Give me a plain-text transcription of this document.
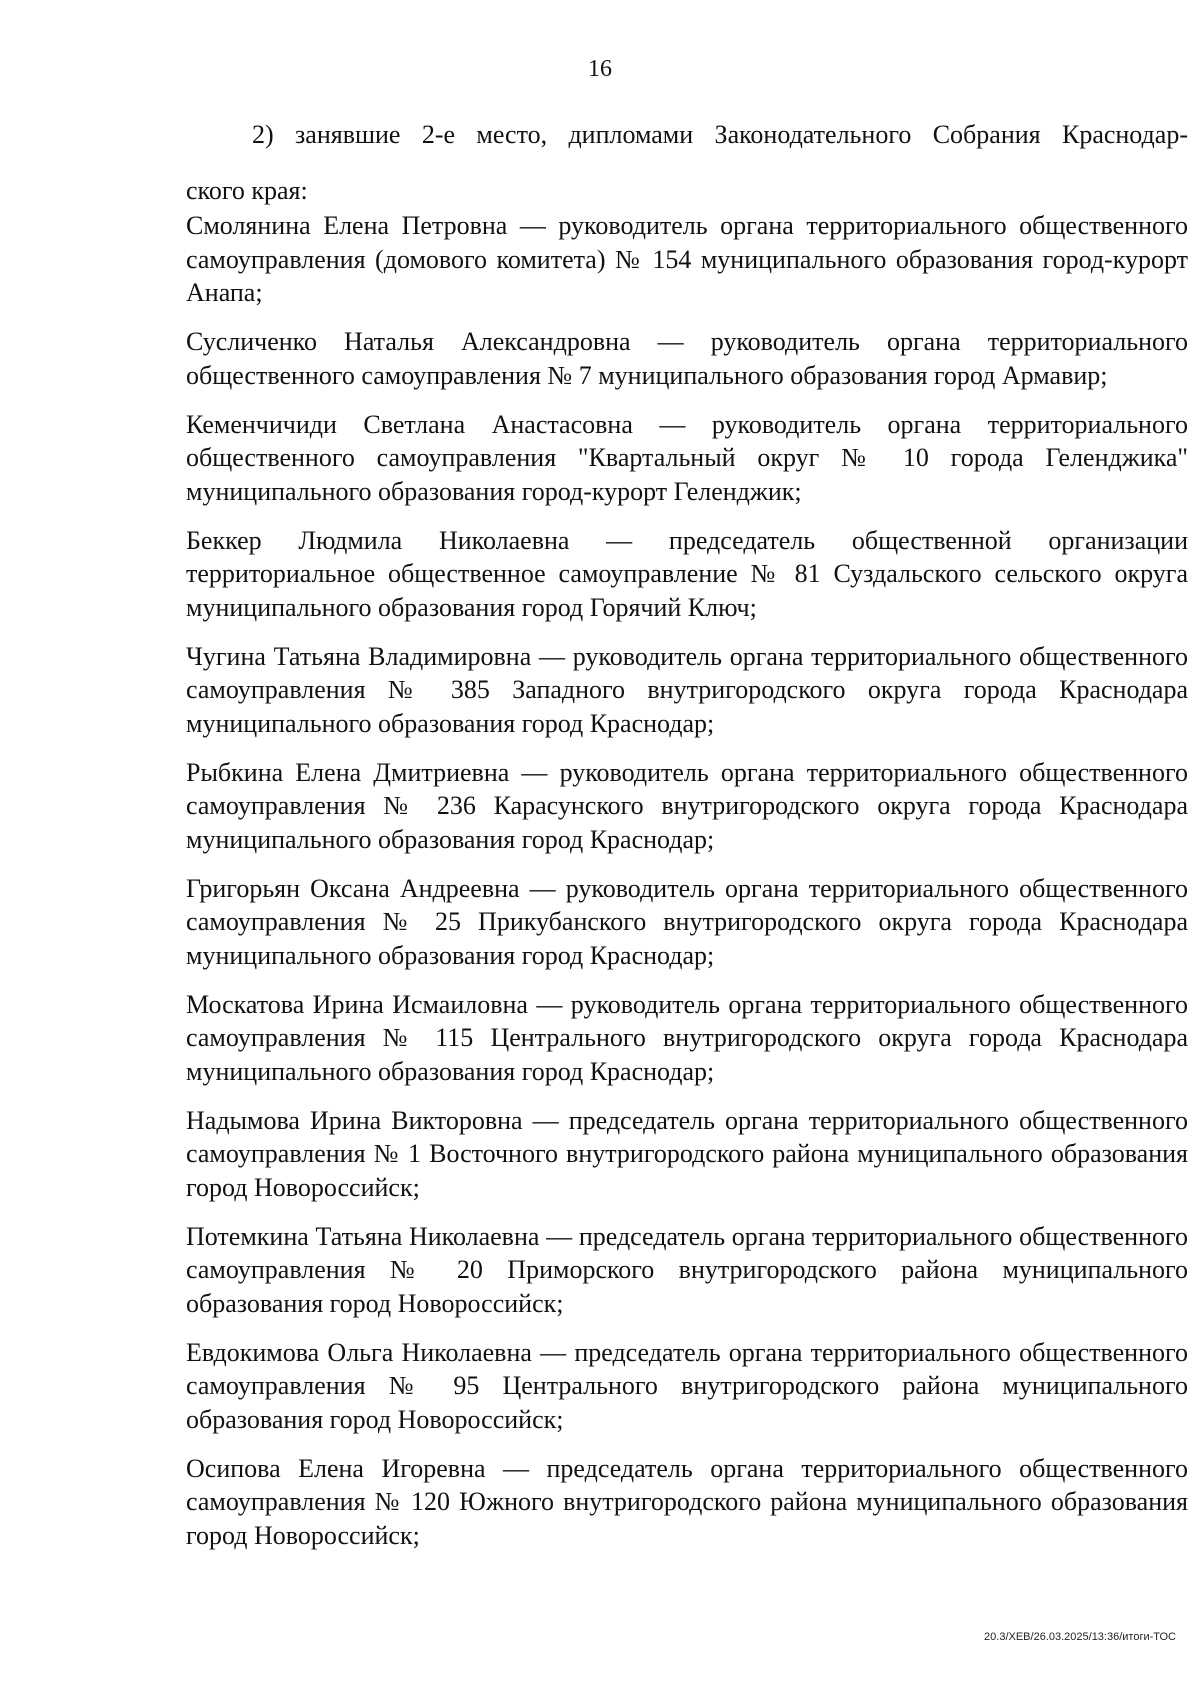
16
2) занявшие 2-е место, дипломами Законодательного Собрания Краснодар-
ского края:

Смолянина Елена Петровна — руководитель органа территориального общественного самоуправления (домового комитета) № 154 муниципального образования город-курорт Анапа;

Сусличенко Наталья Александровна — руководитель органа территориального общественного самоуправления № 7 муниципального образования город Армавир;

Кеменчичиди Светлана Анастасовна — руководитель органа территориального общественного самоуправления "Квартальный округ № 10 города Геленджика" муниципального образования город-курорт Геленджик;

Беккер Людмила Николаевна — председатель общественной организации территориальное общественное самоуправление № 81 Суздальского сельского округа муниципального образования город Горячий Ключ;

Чугина Татьяна Владимировна — руководитель органа территориального общественного самоуправления № 385 Западного внутригородского округа города Краснодара муниципального образования город Краснодар;

Рыбкина Елена Дмитриевна — руководитель органа территориального общественного самоуправления № 236 Карасунского внутригородского округа города Краснодара муниципального образования город Краснодар;

Григорьян Оксана Андреевна — руководитель органа территориального общественного самоуправления № 25 Прикубанского внутригородского округа города Краснодара муниципального образования город Краснодар;

Москатова Ирина Исмаиловна — руководитель органа территориального общественного самоуправления № 115 Центрального внутригородского округа города Краснодара муниципального образования город Краснодар;

Надымова Ирина Викторовна — председатель органа территориального общественного самоуправления № 1 Восточного внутригородского района муниципального образования город Новороссийск;

Потемкина Татьяна Николаевна — председатель органа территориального общественного самоуправления № 20 Приморского внутригородского района муниципального образования город Новороссийск;

Евдокимова Ольга Николаевна — председатель органа территориального общественного самоуправления № 95 Центрального внутригородского района муниципального образования город Новороссийск;

Осипова Елена Игоревна — председатель органа территориального общественного самоуправления № 120 Южного внутригородского района муниципального образования город Новороссийск;

20.3/ХЕВ/26.03.2025/13:36/итоги-ТОС
